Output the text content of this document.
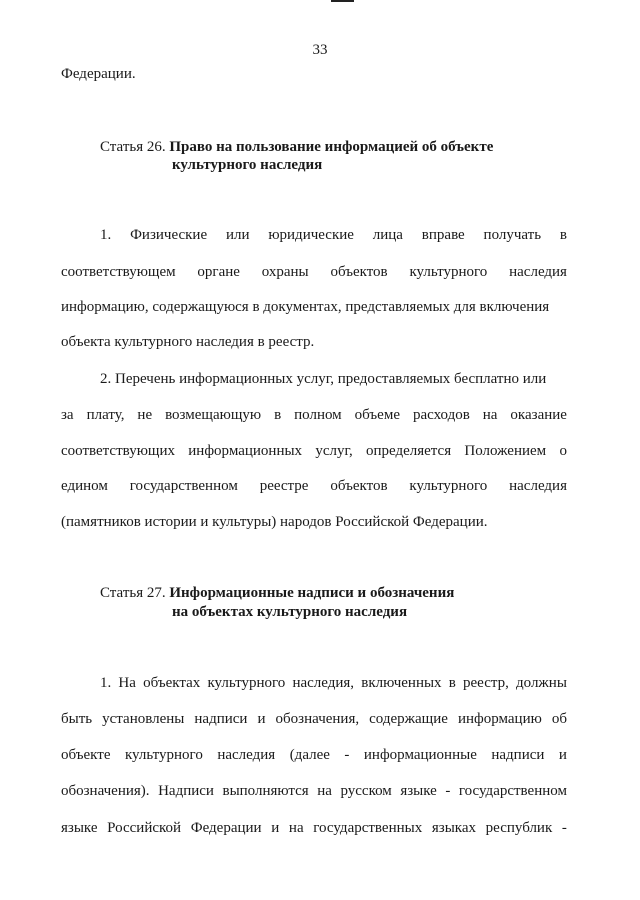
33
Федерации.
Статья 26. Право на пользование информацией об объекте
культурного наследия
1. Физические или юридические лица вправе получать в
соответствующем органе охраны объектов культурного наследия
информацию, содержащуюся в документах, представляемых для включения
объекта культурного наследия в реестр.
2. Перечень информационных услуг, предоставляемых бесплатно или
за плату, не возмещающую в полном объеме расходов на оказание
соответствующих информационных услуг, определяется Положением о
едином государственном реестре объектов культурного наследия
(памятников истории и культуры) народов Российской Федерации.
Статья 27. Информационные надписи и обозначения
на объектах культурного наследия
1. На объектах культурного наследия, включенных в реестр, должны
быть установлены надписи и обозначения, содержащие информацию об
объекте культурного наследия (далее - информационные надписи и
обозначения). Надписи выполняются на русском языке - государственном
языке Российской Федерации и на государственных языках республик -
